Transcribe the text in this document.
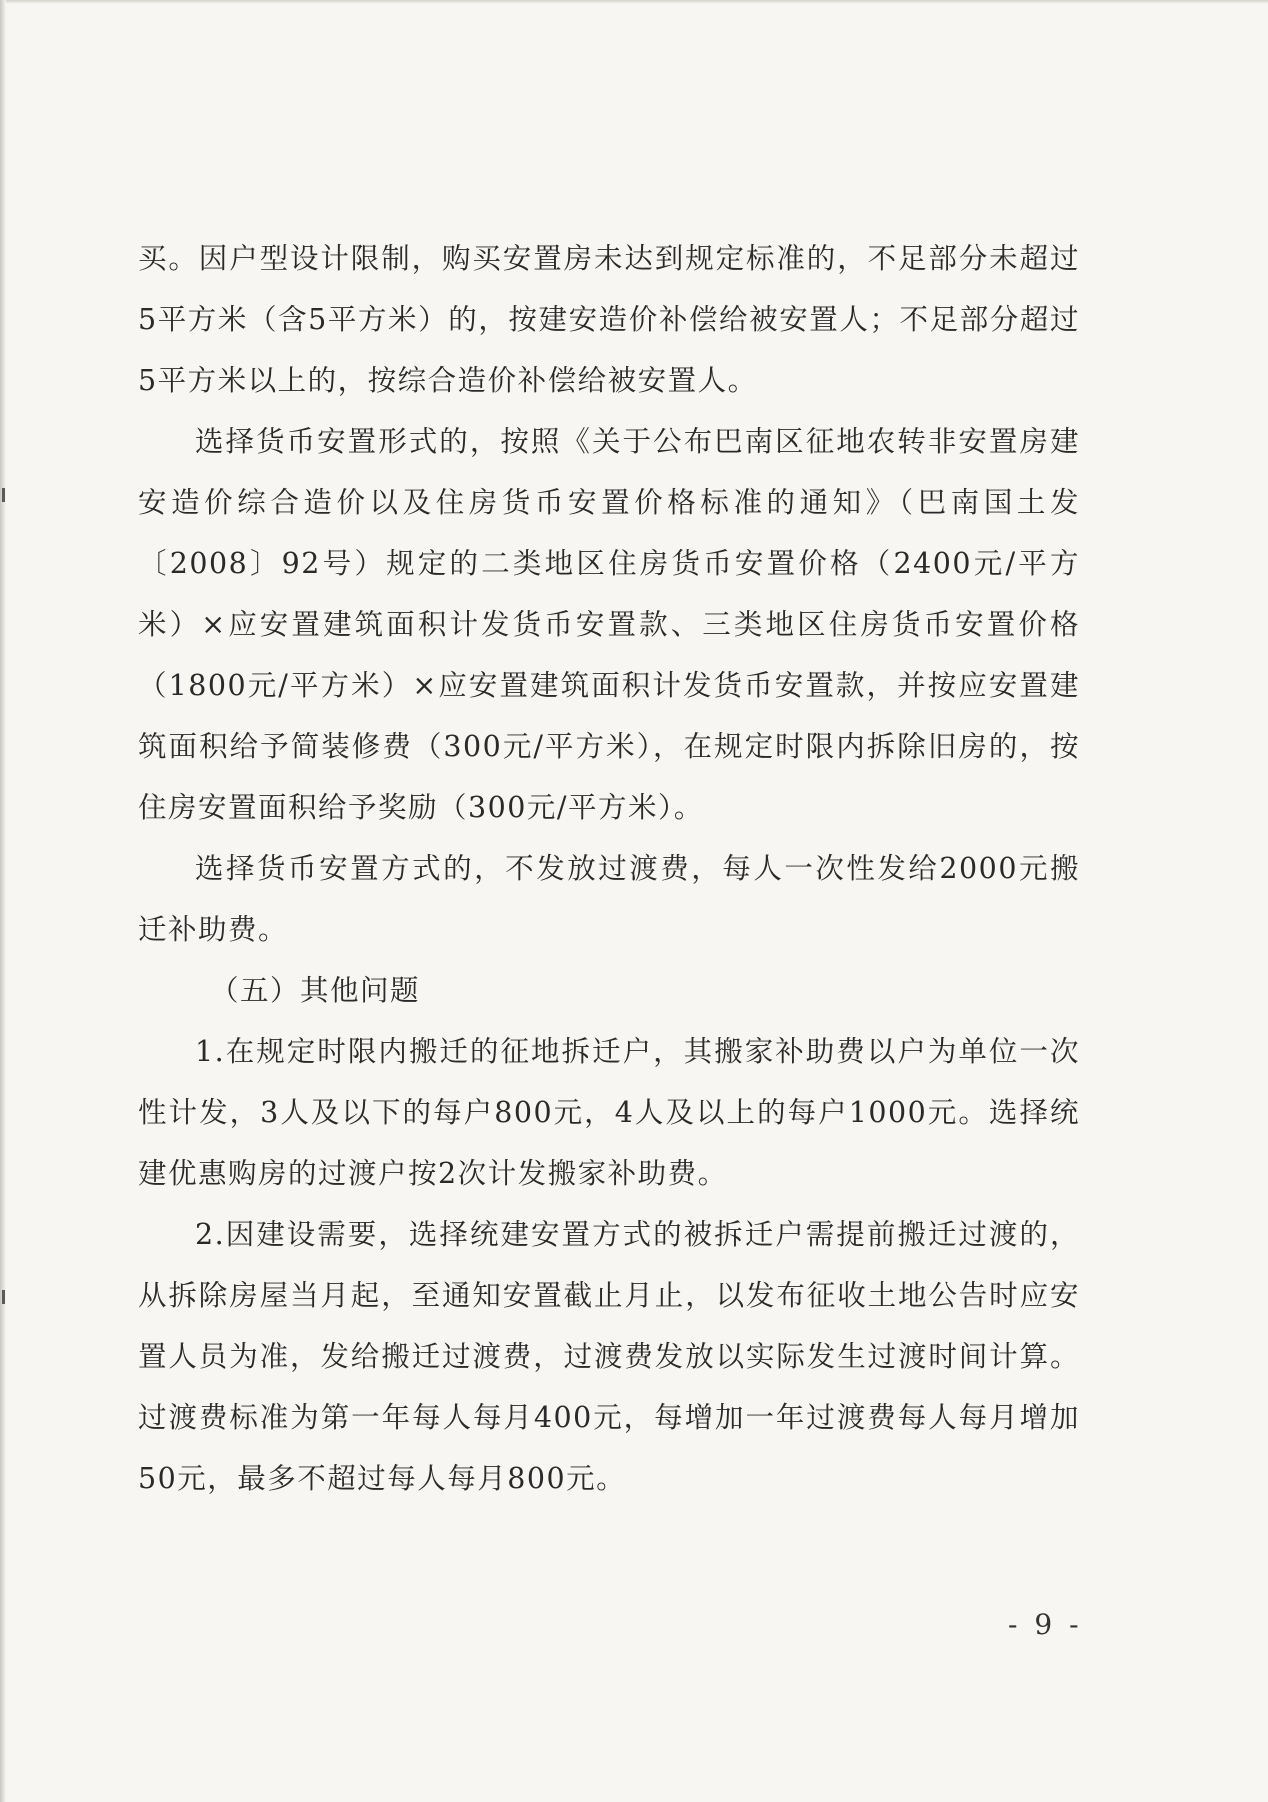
买。因户型设计限制，购买安置房未达到规定标准的，不足部分未超过5平方米（含5平方米）的，按建安造价补偿给被安置人；不足部分超过5平方米以上的，按综合造价补偿给被安置人。

选择货币安置形式的，按照《关于公布巴南区征地农转非安置房建安造价综合造价以及住房货币安置价格标准的通知》（巴南国土发〔2008〕92号）规定的二类地区住房货币安置价格（2400元/平方米）×应安置建筑面积计发货币安置款、三类地区住房货币安置价格（1800元/平方米）×应安置建筑面积计发货币安置款，并按应安置建筑面积给予简装修费（300元/平方米），在规定时限内拆除旧房的，按住房安置面积给予奖励（300元/平方米）。

选择货币安置方式的，不发放过渡费，每人一次性发给2000元搬迁补助费。

（五）其他问题

1.在规定时限内搬迁的征地拆迁户，其搬家补助费以户为单位一次性计发，3人及以下的每户800元，4人及以上的每户1000元。选择统建优惠购房的过渡户按2次计发搬家补助费。

2.因建设需要，选择统建安置方式的被拆迁户需提前搬迁过渡的，从拆除房屋当月起，至通知安置截止月止，以发布征收土地公告时应安置人员为准，发给搬迁过渡费，过渡费发放以实际发生过渡时间计算。过渡费标准为第一年每人每月400元，每增加一年过渡费每人每月增加50元，最多不超过每人每月800元。

- 9 -
